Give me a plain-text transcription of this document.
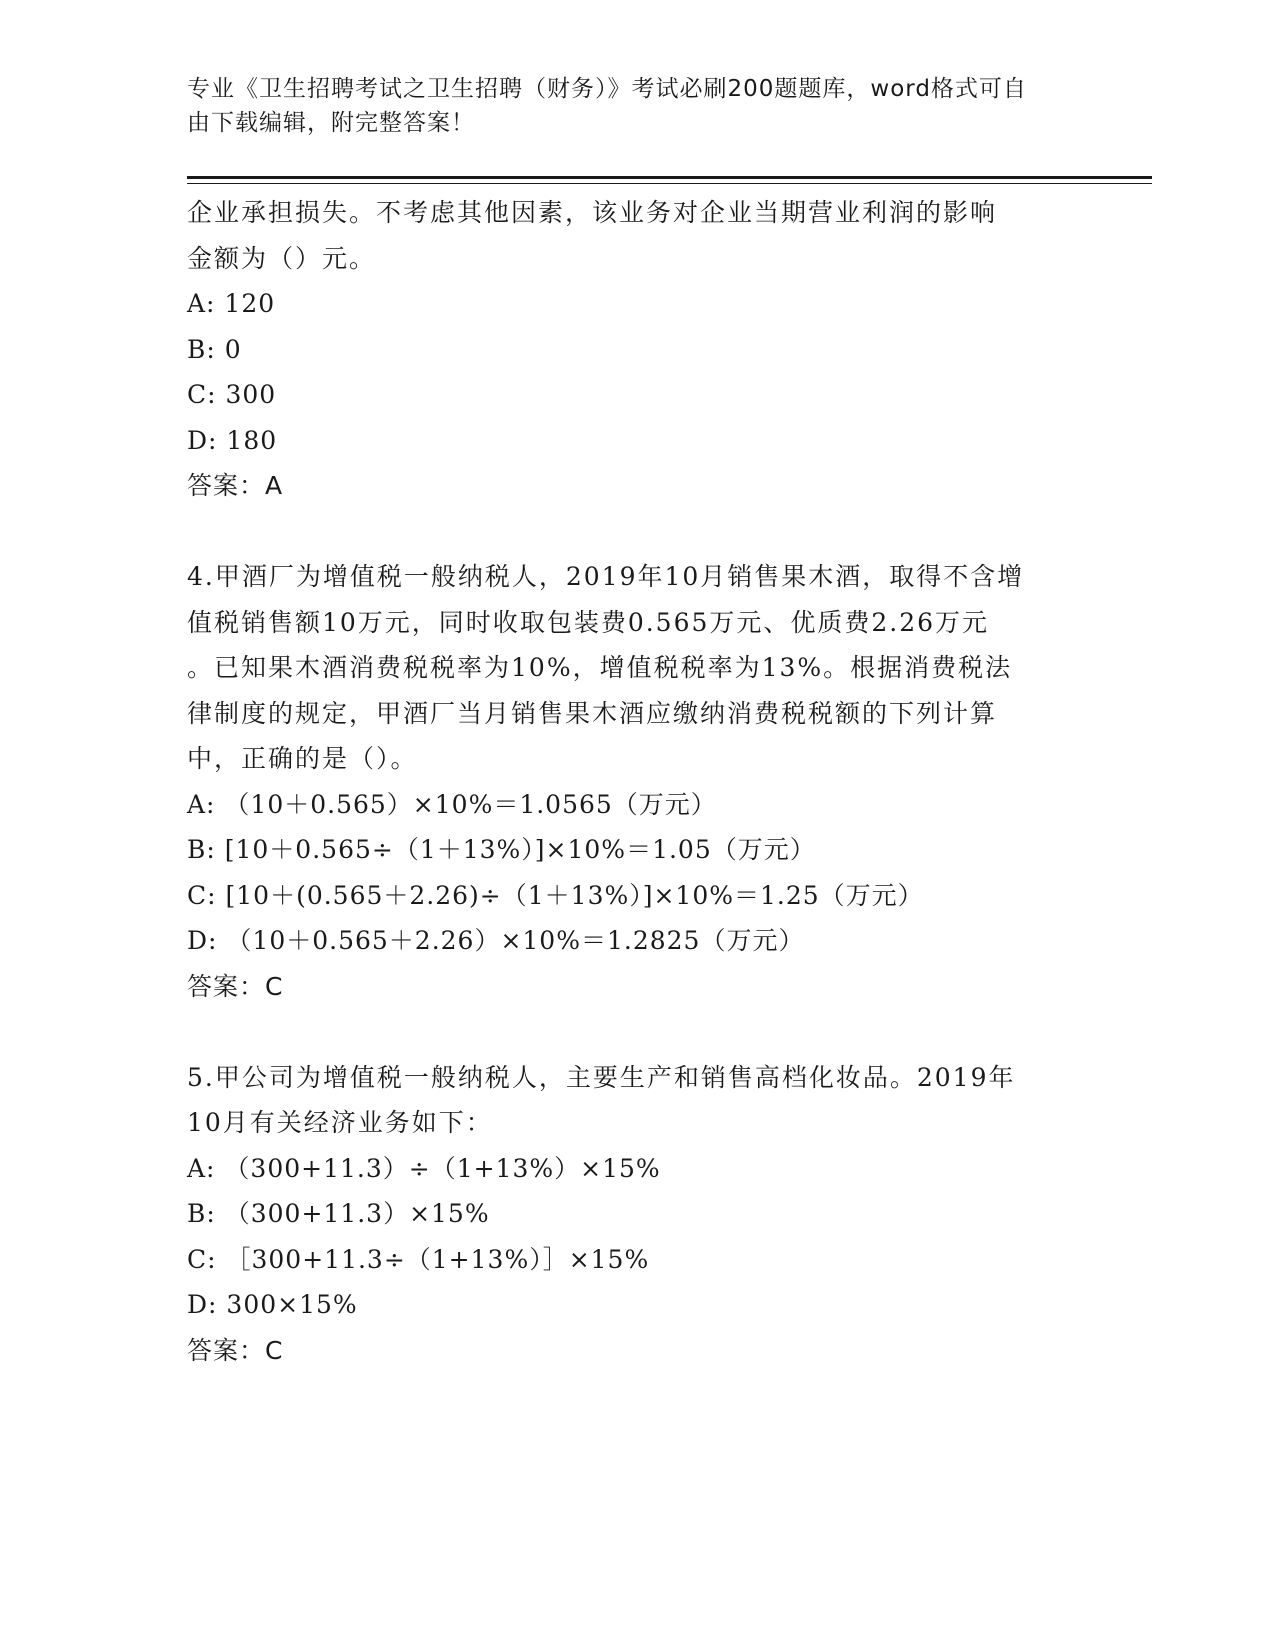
专业《卫生招聘考试之卫生招聘（财务）》考试必刷200题题库，word格式可自
由下载编辑，附完整答案！
企业承担损失。不考虑其他因素，该业务对企业当期营业利润的影响
金额为（）元。
A: 120
B: 0
C: 300
D: 180
答案：A
4.甲酒厂为增值税一般纳税人，2019年10月销售果木酒，取得不含增
值税销售额10万元，同时收取包装费0.565万元、优质费2.26万元
。已知果木酒消费税税率为10%，增值税税率为13%。根据消费税法
律制度的规定，甲酒厂当月销售果木酒应缴纳消费税税额的下列计算
中，正确的是（）。
A: （10＋0.565）×10%＝1.0565（万元）
B: [10＋0.565÷（1＋13%）]×10%＝1.05（万元）
C: [10＋(0.565＋2.26)÷（1＋13%）]×10%＝1.25（万元）
D: （10＋0.565＋2.26）×10%＝1.2825（万元）
答案：C
5.甲公司为增值税一般纳税人，主要生产和销售高档化妆品。2019年
10月有关经济业务如下：
A: （300+11.3）÷（1+13%）×15%
B: （300+11.3）×15%
C: ［300+11.3÷（1+13%）］×15%
D: 300×15%
答案：C
